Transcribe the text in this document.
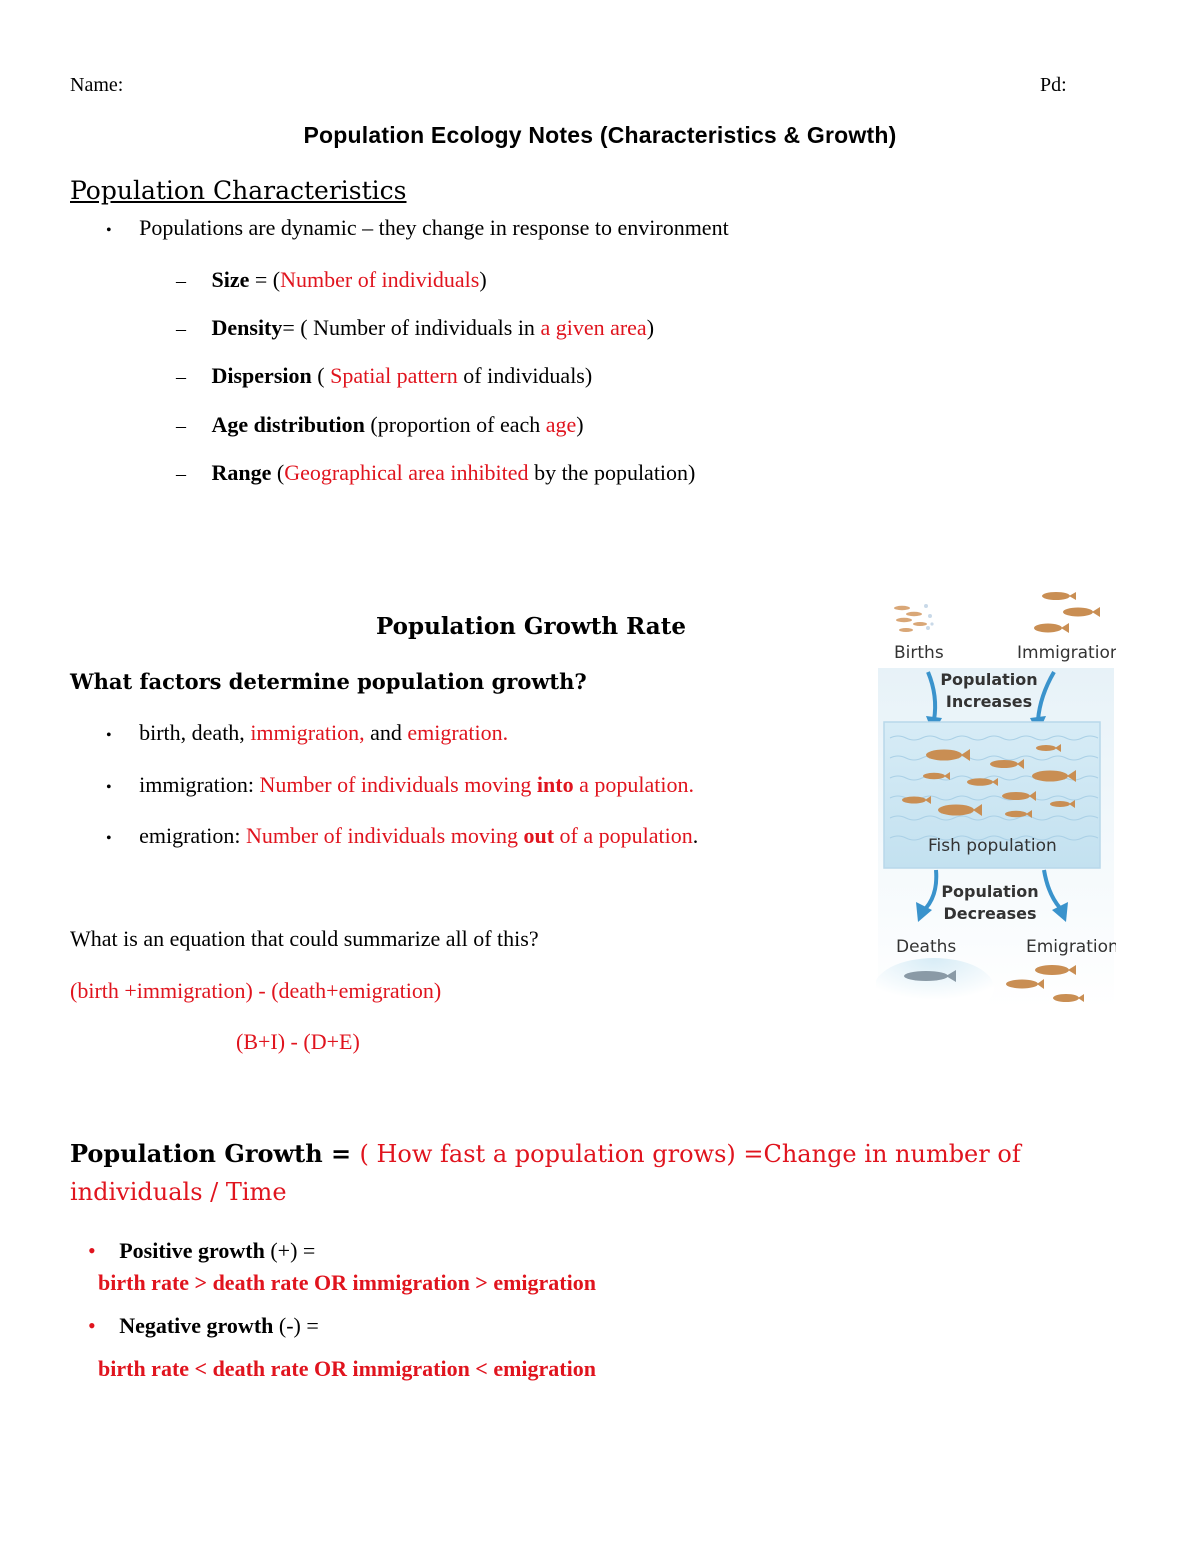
Name:	Pd:
Population Ecology Notes (Characteristics & Growth)
Population Characteristics
• Populations are dynamic – they change in response to environment
– Size = (Number of individuals)
– Density= ( Number of individuals in a given area)
– Dispersion ( Spatial pattern of individuals)
– Age distribution (proportion of each age)
– Range (Geographical area inhibited by the population)
Population Growth Rate
What factors determine population growth?
• birth, death, immigration, and emigration.
• immigration: Number of individuals moving into a population.
• emigration: Number of individuals moving out of a population.
What is an equation that could summarize all of this?
(birth +immigration) - (death+emigration)
(B+I) - (D+E)
Births	Immigration
Population
Increases
Fish population
Population
Decreases
Deaths	Emigration
Population Growth = ( How fast a population grows) =Change in number of
individuals / Time
• Positive growth (+) =
birth rate > death rate OR immigration > emigration
• Negative growth (-) =
birth rate < death rate OR immigration < emigration
